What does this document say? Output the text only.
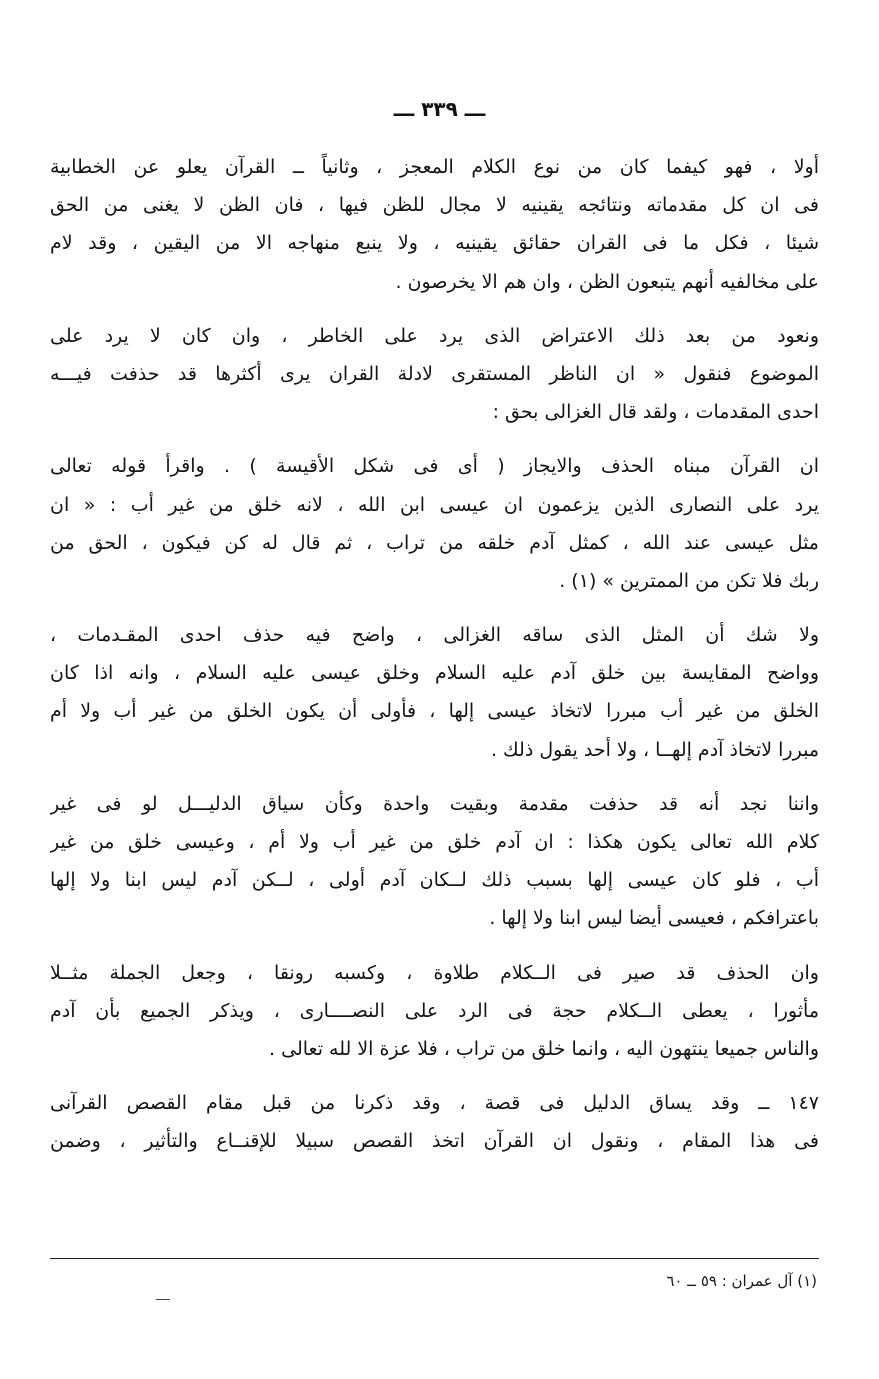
ـــ ٣٣٩ ـــ
أولا ، فهو كيفما كان من نوع الكلام المعجز ، وثانياً ــ القرآن يعلو عن الخطابية
فى ان كل مقدماته ونتائجه يقينيه لا مجال للظن فيها ، فان الظن لا يغنى من الحق
شيئا ، فكل ما فى القران حقائق يقينيه ، ولا ينبع منهاجه الا من اليقين ، وقد لام
على مخالفيه أنهم يتبعون الظن ، وان هم الا يخرصون .
ونعود من بعد ذلك الاعتراض الذى يرد على الخاطر ، وان كان لا يرد على
الموضوع فنقول « ان الناظر المستقرى لادلة القران يرى أكثرها قد حذفت فيـــه
احدى المقدمات ، ولقد قال الغزالى بحق :
ان القرآن مبناه الحذف والايجاز ( أى فى شكل الأقيسة ) . واقرأ قوله تعالى
يرد على النصارى الذين يزعمون ان عيسى ابن الله ، لانه خلق من غير أب : « ان
مثل عيسى عند الله ، كمثل آدم خلقه من تراب ، ثم قال له كن فيكون ، الحق من
ربك فلا تكن من الممترين » (١) .
ولا شك أن المثل الذى ساقه الغزالى ، واضح فيه حذف احدى المقـدمات ،
وواضح المقايسة بين خلق آدم عليه السلام وخلق عيسى عليه السلام ، وانه اذا كان
الخلق من غير أب مبررا لاتخاذ عيسى إلها ، فأولى أن يكون الخلق من غير أب ولا أم
مبررا لاتخاذ آدم إلهــا ، ولا أحد يقول ذلك .
واننا نجد أنه قد حذفت مقدمة وبقيت واحدة وكأن سياق الدليـــل لو فى غير
كلام الله تعالى يكون هكذا : ان آدم خلق من غير أب ولا أم ، وعيسى خلق من غير
أب ، فلو كان عيسى إلها بسبب ذلك لــكان آدم أولى ، لــكن آدم ليس ابنا ولا إلها
باعترافكم ، فعيسى أيضا ليس ابنا ولا إلها .
وان الحذف قد صير فى الــكلام طلاوة ، وكسبه رونقا ، وجعل الجملة مثــلا
مأثورا ، يعطى الــكلام حجة فى الرد على النصــــارى ، ويذكر الجميع بأن آدم
والناس جميعا ينتهون اليه ، وانما خلق من تراب ، فلا عزة الا لله تعالى .
١٤٧ ــ وقد يساق الدليل فى قصة ، وقد ذكرنا من قبل مقام القصص القرآنى
فى هذا المقام ، ونقول ان القرآن اتخذ القصص سبيلا للإقنــاع والتأثير ، وضمن
(١) آل عمران : ٥٩ ــ ٦٠
